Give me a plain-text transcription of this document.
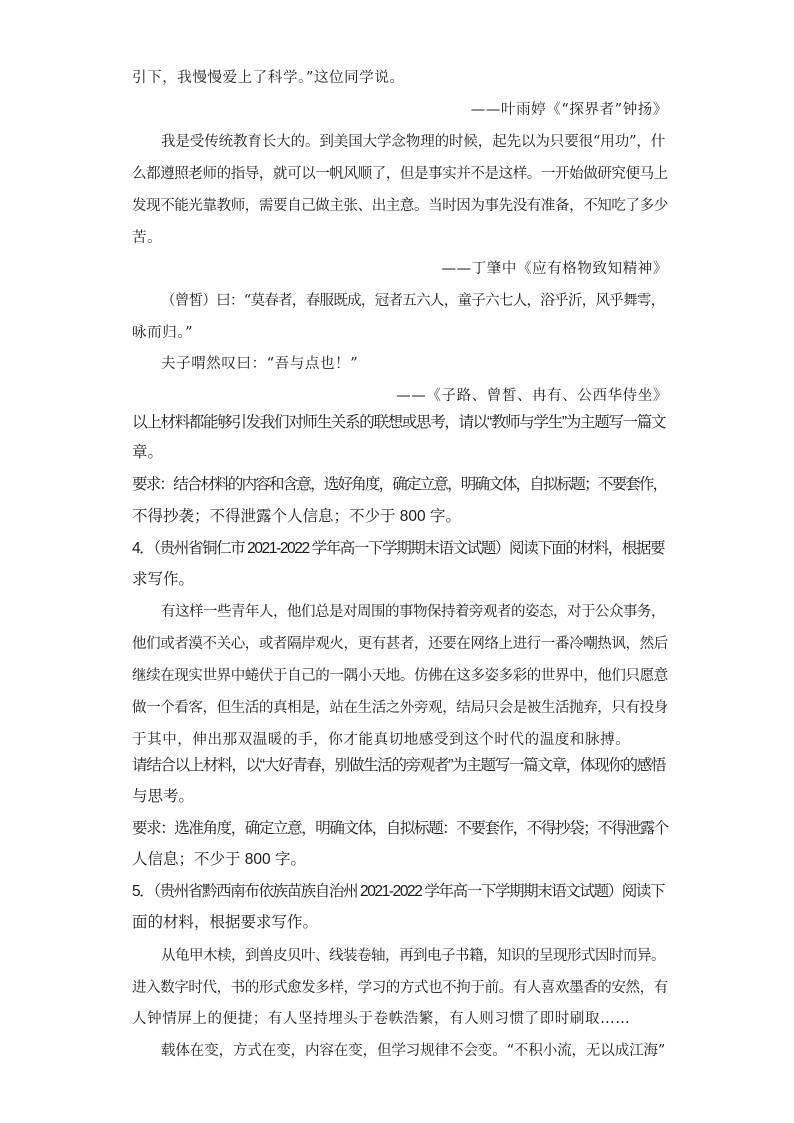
引下，我慢慢爱上了科学。”这位同学说。

——叶雨婷《“探界者”钟扬》

我是受传统教育长大的。到美国大学念物理的时候，起先以为只要很“用功”，什

么都遵照老师的指导，就可以一帆风顺了，但是事实并不是这样。一开始做研究便马上

发现不能光靠教师，需要自己做主张、出主意。当时因为事先没有准备，不知吃了多少

苦。

——丁肇中《应有格物致知精神》

（曾皙）曰：“莫春者，春服既成，冠者五六人，童子六七人，浴乎沂，风乎舞雩，

咏而归。”

夫子喟然叹曰：“吾与点也！”

——《子路、曾皙、冉有、公西华侍坐》

以上材料都能够引发我们对师生关系的联想或思考，请以“教师与学生”为主题写一篇文

章。

要求：结合材料的内容和含意，选好角度，确定立意，明确文体，自拟标题；不要套作，

不得抄袭；不得泄露个人信息；不少于 800 字。

4．（贵州省铜仁市 2021-2022 学年高一下学期期末语文试题）阅读下面的材料，根据要

求写作。

有这样一些青年人，他们总是对周围的事物保持着旁观者的姿态，对于公众事务，

他们或者漠不关心，或者隔岸观火，更有甚者，还要在网络上进行一番冷嘲热讽，然后

继续在现实世界中蜷伏于自己的一隅小天地。仿佛在这多姿多彩的世界中，他们只愿意

做一个看客，但生活的真相是，站在生活之外旁观，结局只会是被生活抛弃，只有投身

于其中，伸出那双温暖的手，你才能真切地感受到这个时代的温度和脉搏。

请结合以上材料，以“大好青春，别做生活的旁观者”为主题写一篇文章，体现你的感悟

与思考。

要求：选准角度，确定立意，明确文体，自拟标题：不要套作，不得抄袋；不得泄露个

人信息；不少于 800 字。

5．（贵州省黔西南布依族苗族自治州 2021-2022 学年高一下学期期末语文试题）阅读下

面的材料，根据要求写作。

从龟甲木椟，到兽皮贝叶、线装卷轴，再到电子书籍，知识的呈现形式因时而异。

进入数字时代，书的形式愈发多样，学习的方式也不拘于前。有人喜欢墨香的安然，有

人钟情屏上的便捷；有人坚持埋头于卷帙浩繁，有人则习惯了即时刷取……

载体在变，方式在变，内容在变，但学习规律不会变。“不积小流，无以成江海”
